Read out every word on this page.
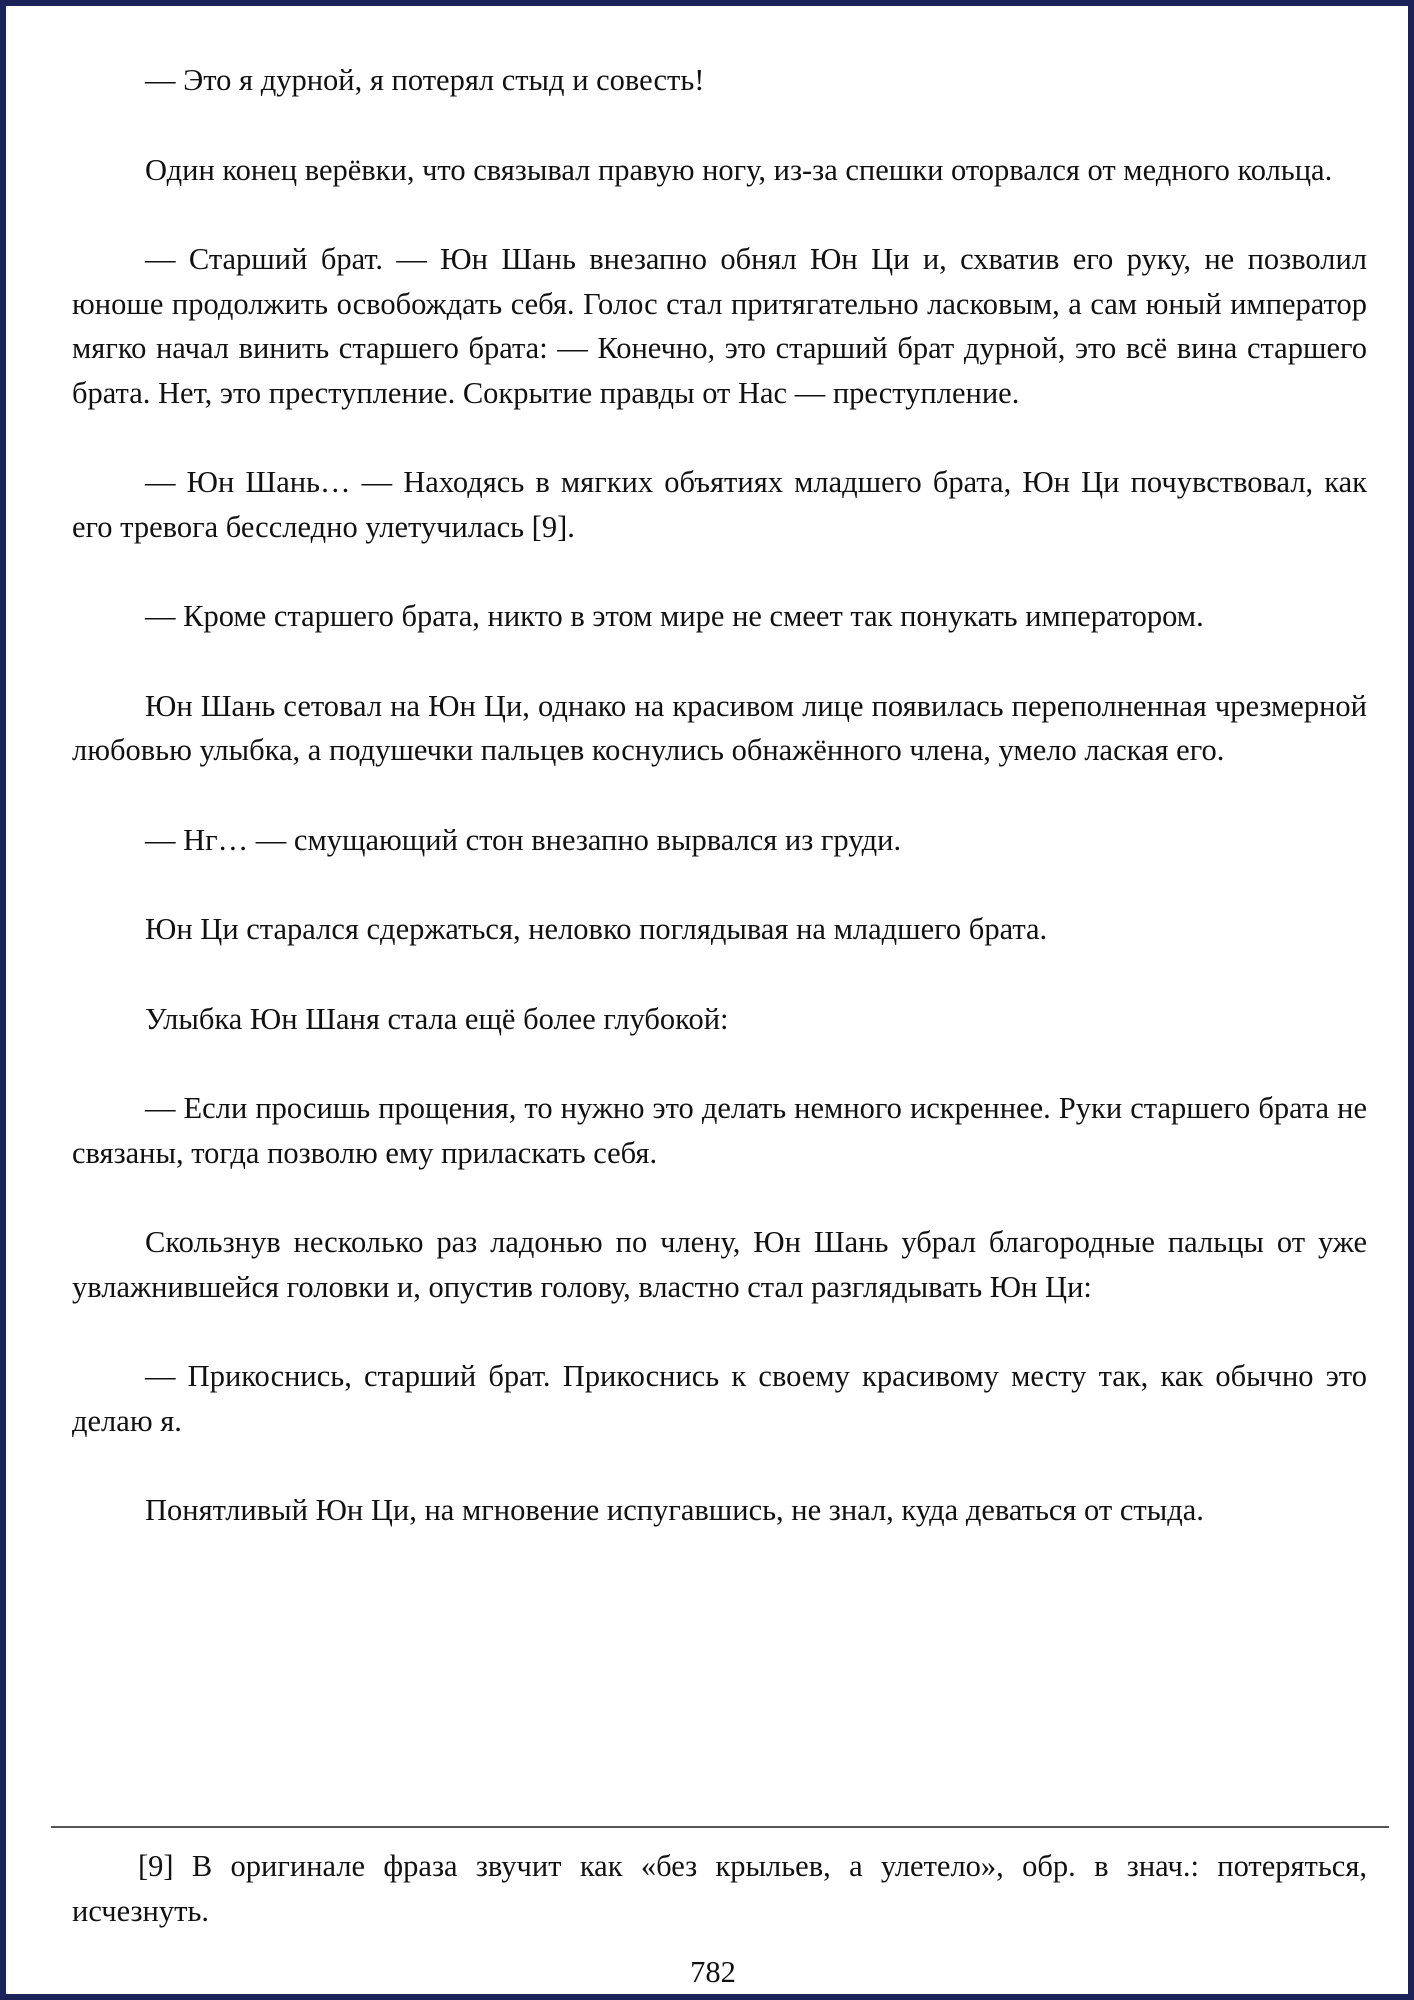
— Это я дурной, я потерял стыд и совесть!

Один конец верёвки, что связывал правую ногу, из-за спешки оторвался от медного кольца.

— Старший брат. — Юн Шань внезапно обнял Юн Ци и, схватив его руку, не позволил юноше продолжить освобождать себя. Голос стал притягательно ласковым, а сам юный император мягко начал винить старшего брата: — Конечно, это старший брат дурной, это всё вина старшего брата. Нет, это преступление. Сокрытие правды от Нас — преступление.

— Юн Шань… — Находясь в мягких объятиях младшего брата, Юн Ци почувствовал, как его тревога бесследно улетучилась [9].

— Кроме старшего брата, никто в этом мире не смеет так понукать императором.

Юн Шань сетовал на Юн Ци, однако на красивом лице появилась переполненная чрезмерной любовью улыбка, а подушечки пальцев коснулись обнажённого члена, умело лаская его.

— Нг… — смущающий стон внезапно вырвался из груди.

Юн Ци старался сдержаться, неловко поглядывая на младшего брата.

Улыбка Юн Шаня стала ещё более глубокой:

— Если просишь прощения, то нужно это делать немного искреннее. Руки старшего брата не связаны, тогда позволю ему приласкать себя.

Скользнув несколько раз ладонью по члену, Юн Шань убрал благородные пальцы от уже увлажнившейся головки и, опустив голову, властно стал разглядывать Юн Ци:

— Прикоснись, старший брат. Прикоснись к своему красивому месту так, как обычно это делаю я.

Понятливый Юн Ци, на мгновение испугавшись, не знал, куда деваться от стыда.

[9] В оригинале фраза звучит как «без крыльев, а улетело», обр. в знач.: потеряться, исчезнуть.

782
